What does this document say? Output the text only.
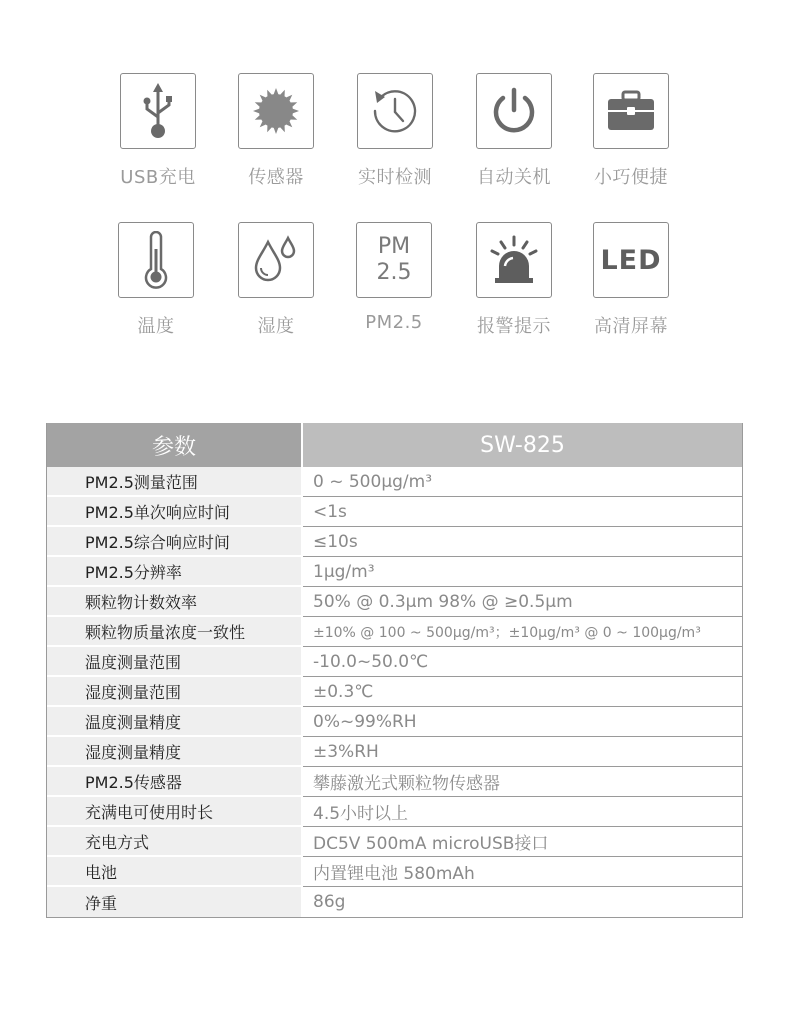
USB充电	传感器	实时检测	自动关机	小巧便捷
温度	湿度
PM
2.5
PM2.5	报警提示
LED
高清屏幕
参数	SW-825
PM2.5测量范围	0 ~ 500μg/m³
PM2.5单次响应时间	<1s
PM2.5综合响应时间	≤10s
PM2.5分辨率	1μg/m³
颗粒物计数效率	50% @ 0.3μm 98% @ ≥0.5μm
颗粒物质量浓度一致性	±10% @ 100 ~ 500μg/m³；±10μg/m³ @ 0 ~ 100μg/m³
温度测量范围	-10.0~50.0℃
湿度测量范围	±0.3℃
温度测量精度	0%~99%RH
湿度测量精度	±3%RH
PM2.5传感器	攀藤激光式颗粒物传感器
充满电可使用时长	4.5小时以上
充电方式	DC5V 500mA microUSB接口
电池	内置锂电池 580mAh
净重	86g
